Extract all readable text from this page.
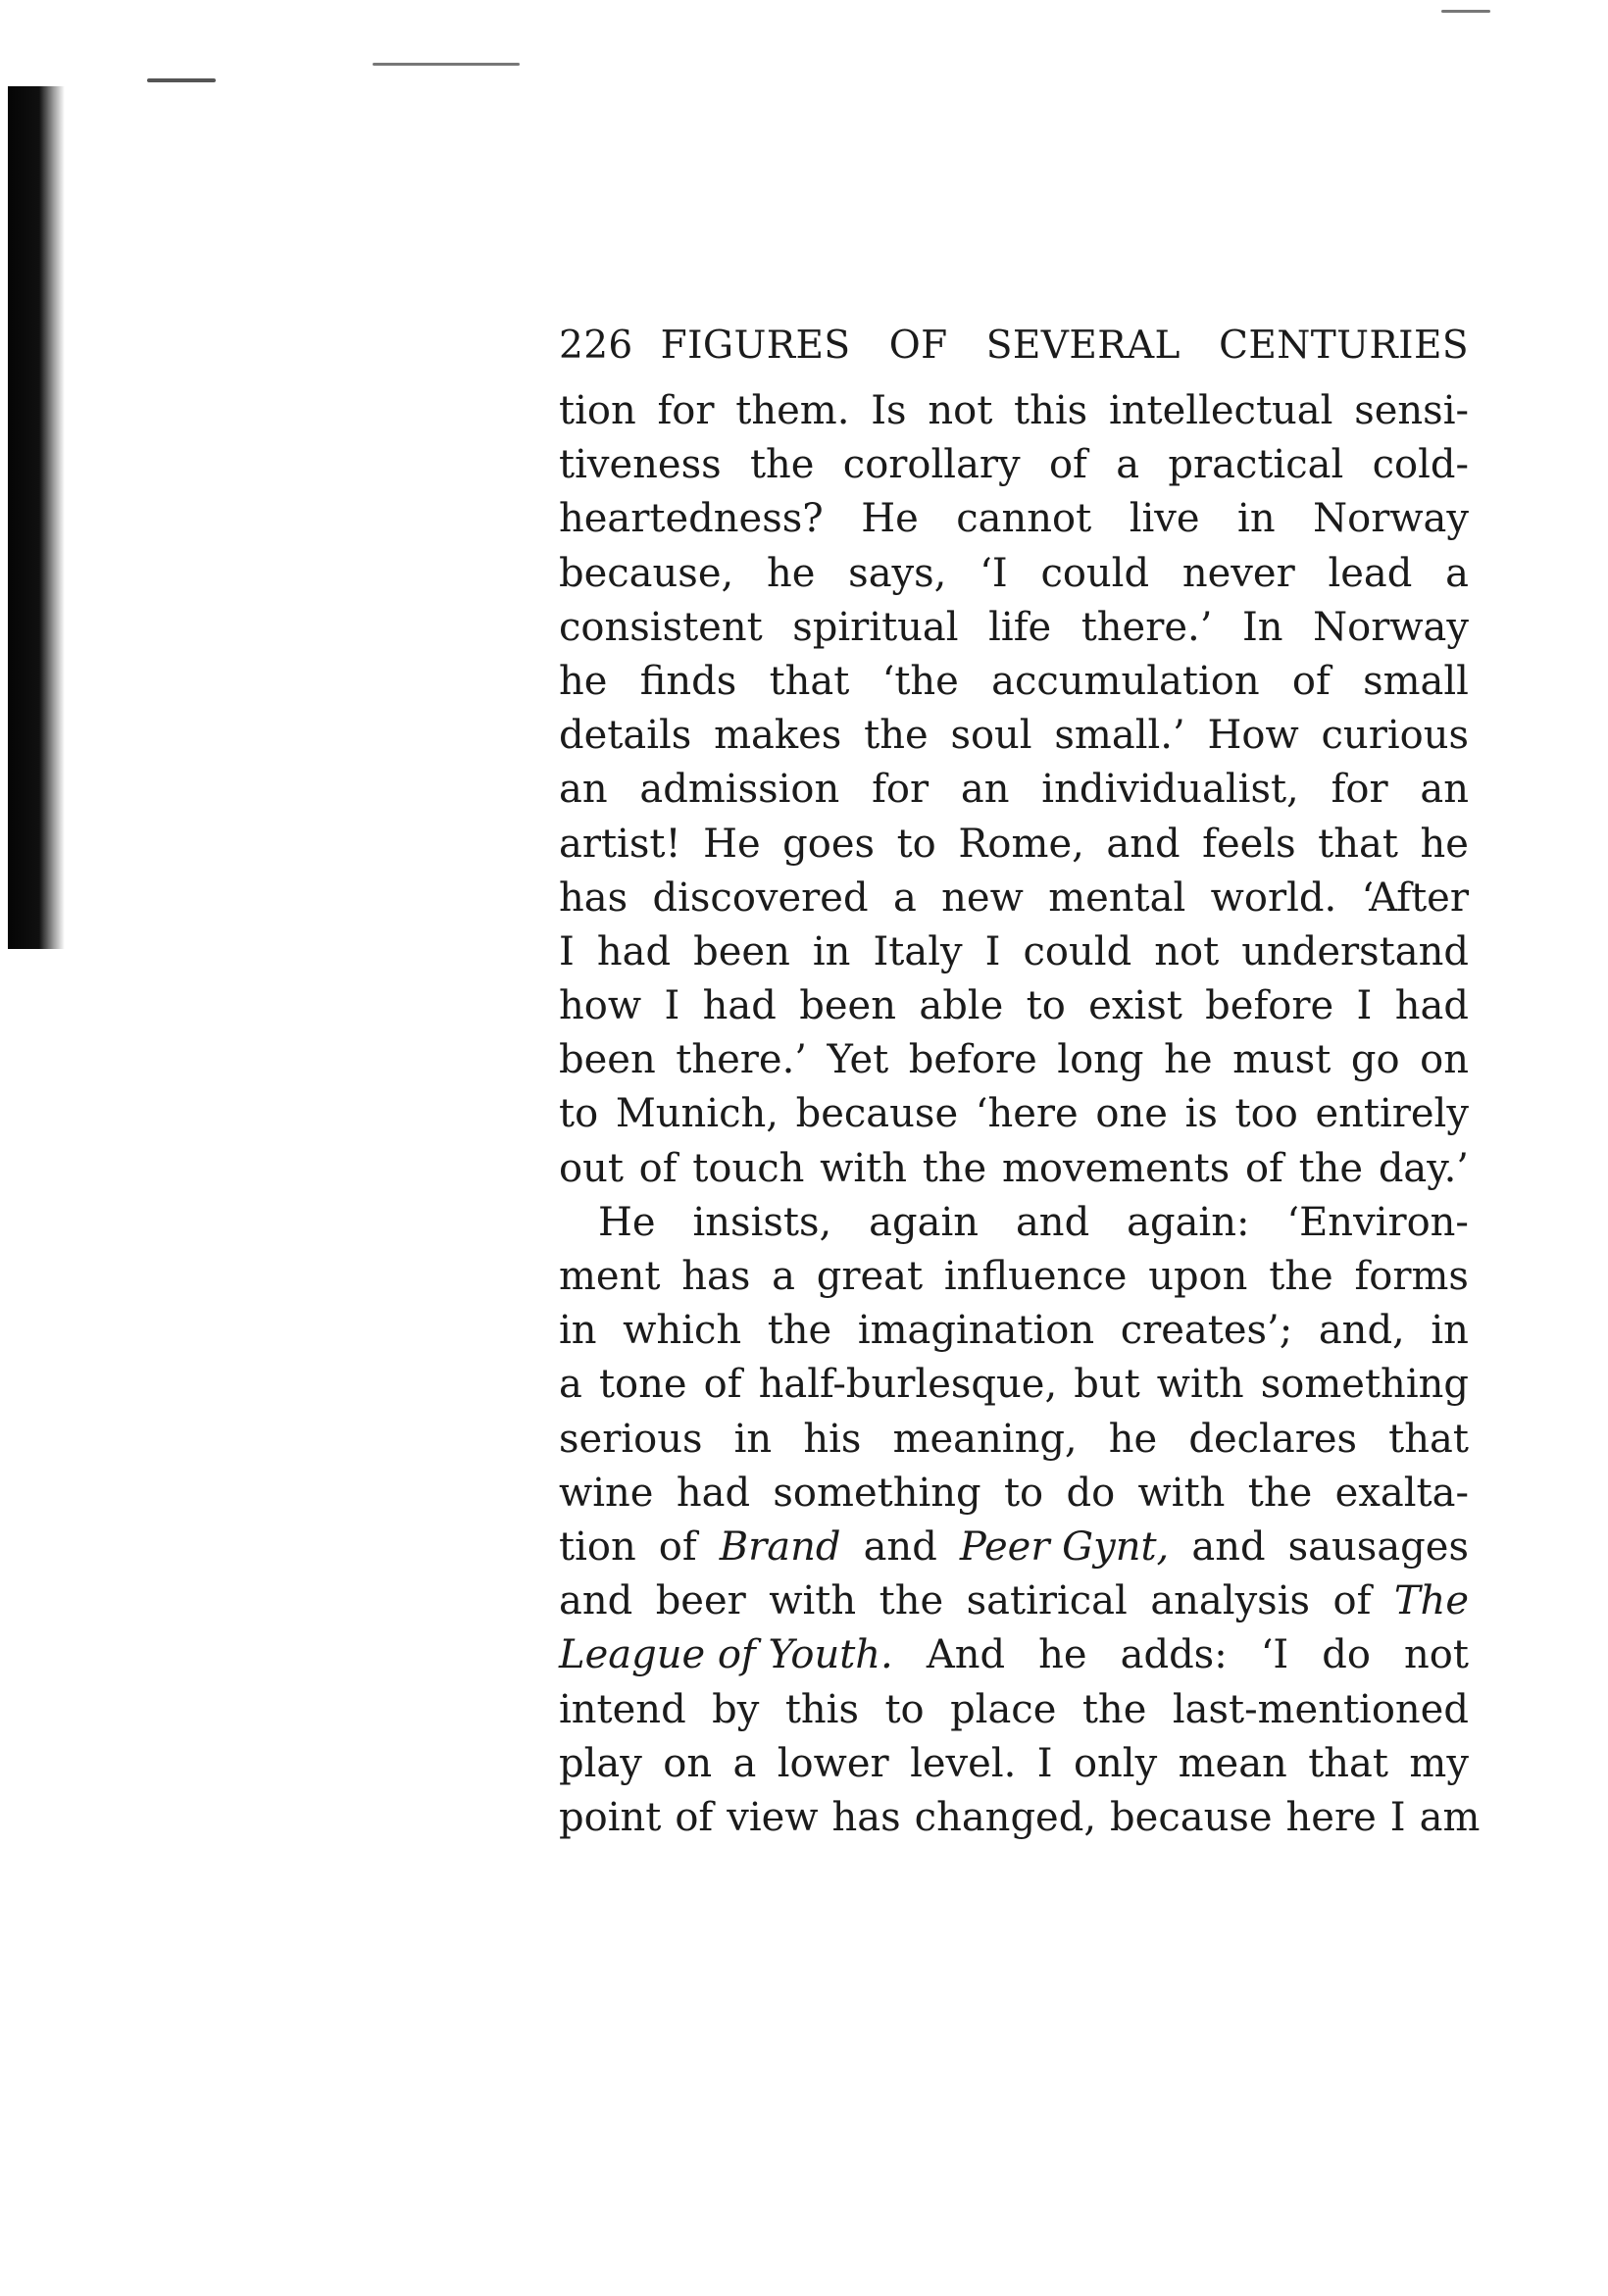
226 FIGURES OF SEVERAL CENTURIES
tion for them. Is not this intellectual sensi-
tiveness the corollary of a practical cold-
heartedness? He cannot live in Norway
because, he says, ‘I could never lead a
consistent spiritual life there.’ In Norway
he finds that ‘the accumulation of small
details makes the soul small.’ How curious
an admission for an individualist, for an
artist! He goes to Rome, and feels that he
has discovered a new mental world. ‘After
I had been in Italy I could not understand
how I had been able to exist before I had
been there.’ Yet before long he must go on
to Munich, because ‘here one is too entirely
out of touch with the movements of the day.’
He insists, again and again: ‘Environ-
ment has a great influence upon the forms
in which the imagination creates’; and, in
a tone of half-burlesque, but with something
serious in his meaning, he declares that
wine had something to do with the exalta-
tion of Brand and Peer Gynt, and sausages
and beer with the satirical analysis of The
League of Youth. And he adds: ‘I do not
intend by this to place the last-mentioned
play on a lower level. I only mean that my
point of view has changed, because here I am
